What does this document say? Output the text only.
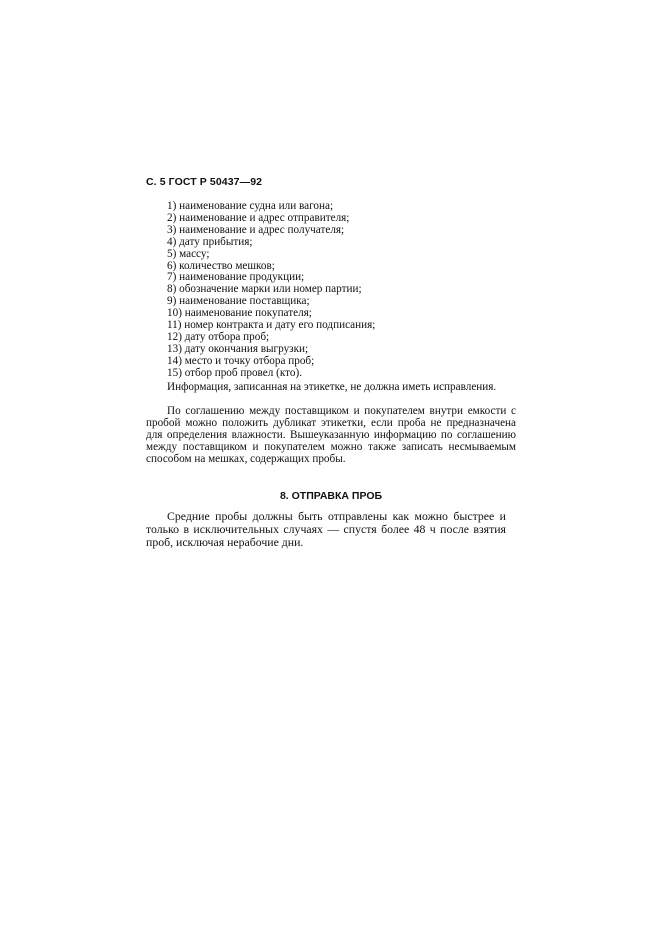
С. 5 ГОСТ Р 50437—92
1) наименование судна или вагона;
2) наименование и адрес отправителя;
3) наименование и адрес получателя;
4) дату прибытия;
5) массу;
6) количество мешков;
7) наименование продукции;
8) обозначение марки или номер партии;
9) наименование поставщика;
10) наименование покупателя;
11) номер контракта и дату его подписания;
12) дату отбора проб;
13) дату окончания выгрузки;
14) место и точку отбора проб;
15) отбор проб провел (кто).

Информация, записанная на этикетке, не должна иметь исправления.

По соглашению между поставщиком и покупателем внутри емкости с пробой можно положить дубликат этикетки, если проба не предназначена для определения влажности. Вышеуказанную информацию по соглашению между поставщиком и покупателем можно также записать несмываемым способом на мешках, содержащих пробы.

8. ОТПРАВКА ПРОБ

Средние пробы должны быть отправлены как можно быстрее и только в исключительных случаях — спустя более 48 ч после взятия проб, исключая нерабочие дни.
